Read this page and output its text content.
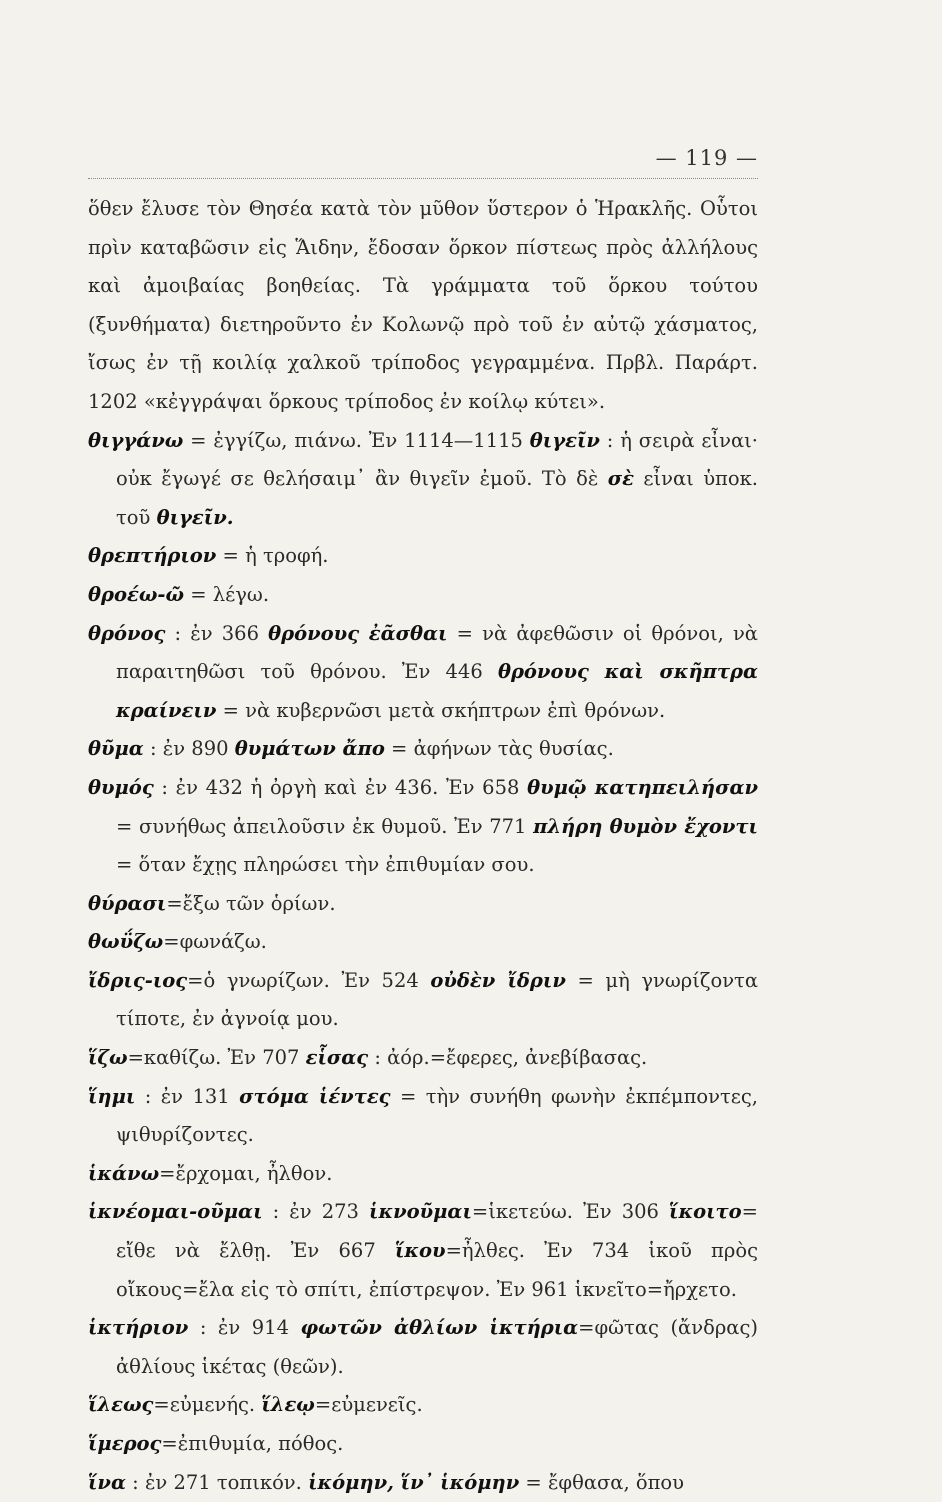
— 119 —

ὅθεν ἔλυσε τὸν Θησέα κατὰ τὸν μῦθον ὕστερον ὁ Ἡρακλῆς. Οὗτοι πρὶν καταβῶσιν εἰς Ἅιδην, ἔδοσαν ὅρκον πίστεως πρὸς ἀλλήλους καὶ ἀμοιβαίας βοηθείας. Τὰ γράμματα τοῦ ὅρκου τούτου (ξυνθήματα) διετηροῦντο ἐν Κολωνῷ πρὸ τοῦ ἐν αὐτῷ χάσματος, ἴσως ἐν τῇ κοιλίᾳ χαλκοῦ τρίποδος γεγραμμένα. Πρβλ. Παράρτ. 1202 «κἐγγράψαι ὅρκους τρίποδος ἐν κοίλῳ κύτει».

θιγγάνω = ἐγγίζω, πιάνω. Ἐν 1114—1115 θιγεῖν : ἡ σειρὰ εἶναι· οὐκ ἔγωγέ σε θελήσαιμ᾽ ἂν θιγεῖν ἐμοῦ. Τὸ δὲ σὲ εἶναι ὑποκ. τοῦ θιγεῖν.

θρεπτήριον = ἡ τροφή.

θροέω-ῶ = λέγω.

θρόνος : ἐν 366 θρόνους ἐᾶσθαι = νὰ ἀφεθῶσιν οἱ θρόνοι, νὰ παραιτηθῶσι τοῦ θρόνου. Ἐν 446 θρόνους καὶ σκῆπτρα κραίνειν = νὰ κυβερνῶσι μετὰ σκήπτρων ἐπὶ θρόνων.

θῦμα : ἐν 890 θυμάτων ἄπο = ἀφήνων τὰς θυσίας.

θυμός : ἐν 432 ἡ ὀργὴ καὶ ἐν 436. Ἐν 658 θυμῷ κατηπειλήσαν = συνήθως ἀπειλοῦσιν ἐκ θυμοῦ. Ἐν 771 πλήρη θυμὸν ἔχοντι = ὅταν ἔχῃς πληρώσει τὴν ἐπιθυμίαν σου.

θύρασι=ἔξω τῶν ὁρίων.

θωΰζω=φωνάζω.

ἴδρις-ιος=ὁ γνωρίζων. Ἐν 524 οὐδὲν ἴδριν = μὴ γνωρίζοντα τίποτε, ἐν ἀγνοίᾳ μου.

ἵζω=καθίζω. Ἐν 707 εἷσας : ἀόρ.=ἔφερες, ἀνεβίβασας.

ἵημι : ἐν 131 στόμα ἱέντες = τὴν συνήθη φωνὴν ἐκπέμποντες, ψιθυρίζοντες.

ἱκάνω=ἔρχομαι, ἦλθον.

ἱκνέομαι-οῦμαι : ἐν 273 ἱκνοῦμαι=ἱκετεύω. Ἐν 306 ἵκοιτο= εἴθε νὰ ἔλθῃ. Ἐν 667 ἵκου=ἦλθες. Ἐν 734 ἱκοῦ πρὸς οἴκους=ἔλα εἰς τὸ σπίτι, ἐπίστρεψον. Ἐν 961 ἱκνεῖτο=ἤρχετο.

ἱκτήριον : ἐν 914 φωτῶν ἀθλίων ἱκτήρια=φῶτας (ἄνδρας) ἀθλίους ἱκέτας (θεῶν).

ἵλεως=εὐμενής. ἵλεῳ=εὐμενεῖς.

ἵμερος=ἐπιθυμία, πόθος.

ἵνα : ἐν 271 τοπικόν. ἱκόμην, ἵν᾽ ἱκόμην = ἔφθασα, ὅπου
